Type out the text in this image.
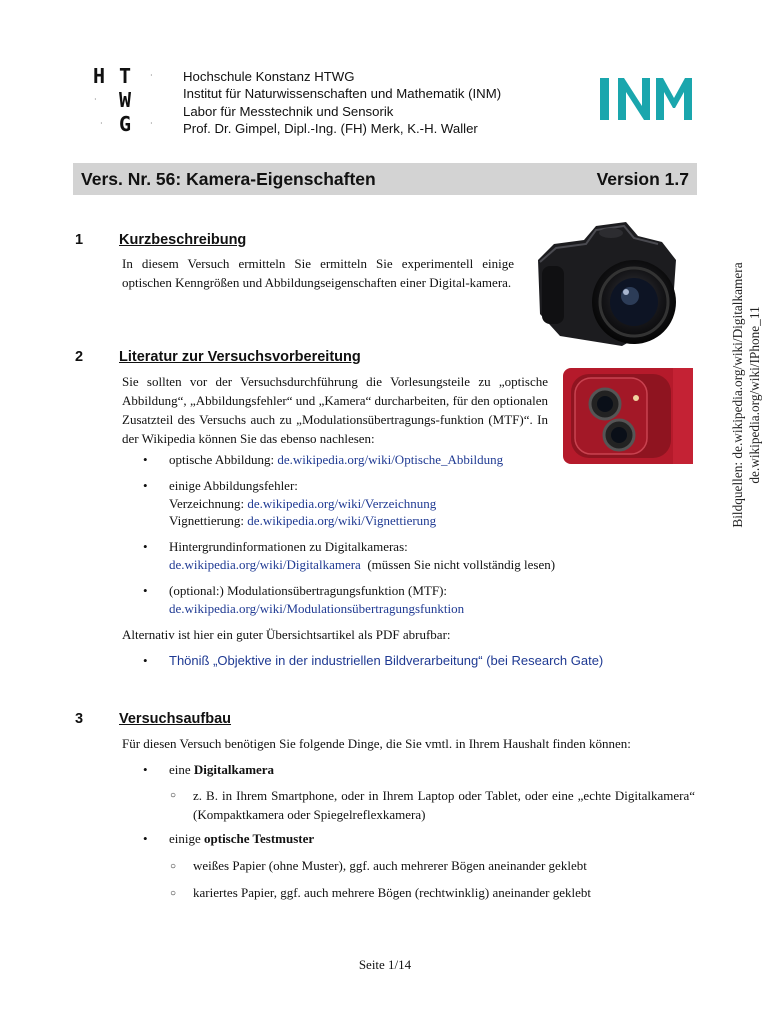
H T
W
G
·
·
·	·
Hochschule Konstanz HTWG
Institut für Naturwissenschaften und Mathematik (INM)
Labor für Messtechnik und Sensorik
Prof. Dr. Gimpel, Dipl.-Ing. (FH) Merk, K.-H. Waller
Vers. Nr. 56: Kamera-Eigenschaften	Version 1.7
Bildquellen: de.wikipedia.org/wiki/Digitalkamera de.wikipedia.org/wiki/IPhone_11
1 Kurzbeschreibung
In diesem Versuch ermitteln Sie ermitteln Sie experimentell einige optischen Kenngrößen und Abbildungseigenschaften einer Digital-kamera.
2 Literatur zur Versuchsvorbereitung
Sie sollten vor der Versuchsdurchführung die Vorlesungsteile zu „optische Abbildung“, „Abbildungsfehler“ und „Kamera“ durcharbeiten, für den optionalen Zusatzteil des Versuchs auch zu „Modulationsübertragungs-funktion (MTF)“. In der Wikipedia können Sie das ebenso nachlesen:
• optische Abbildung: de.wikipedia.org/wiki/Optische_Abbildung
• einige Abbildungsfehler:
Verzeichnung: de.wikipedia.org/wiki/Verzeichnung
Vignettierung: de.wikipedia.org/wiki/Vignettierung
• Hintergrundinformationen zu Digitalkameras:
de.wikipedia.org/wiki/Digitalkamera (müssen Sie nicht vollständig lesen)
• (optional:) Modulationsübertragungsfunktion (MTF):
de.wikipedia.org/wiki/Modulationsübertragungsfunktion
Alternativ ist hier ein guter Übersichtsartikel als PDF abrufbar:
• Thöniß „Objektive in der industriellen Bildverarbeitung“ (bei Research Gate)
3 Versuchsaufbau
Für diesen Versuch benötigen Sie folgende Dinge, die Sie vmtl. in Ihrem Haushalt finden können:
• eine Digitalkamera
○ z. B. in Ihrem Smartphone, oder in Ihrem Laptop oder Tablet, oder eine „echte Digitalkamera“ (Kompaktkamera oder Spiegelreflexkamera)
• einige optische Testmuster
○ weißes Papier (ohne Muster), ggf. auch mehrerer Bögen aneinander geklebt
○ kariertes Papier, ggf. auch mehrere Bögen (rechtwinklig) aneinander geklebt
Seite 1/14
